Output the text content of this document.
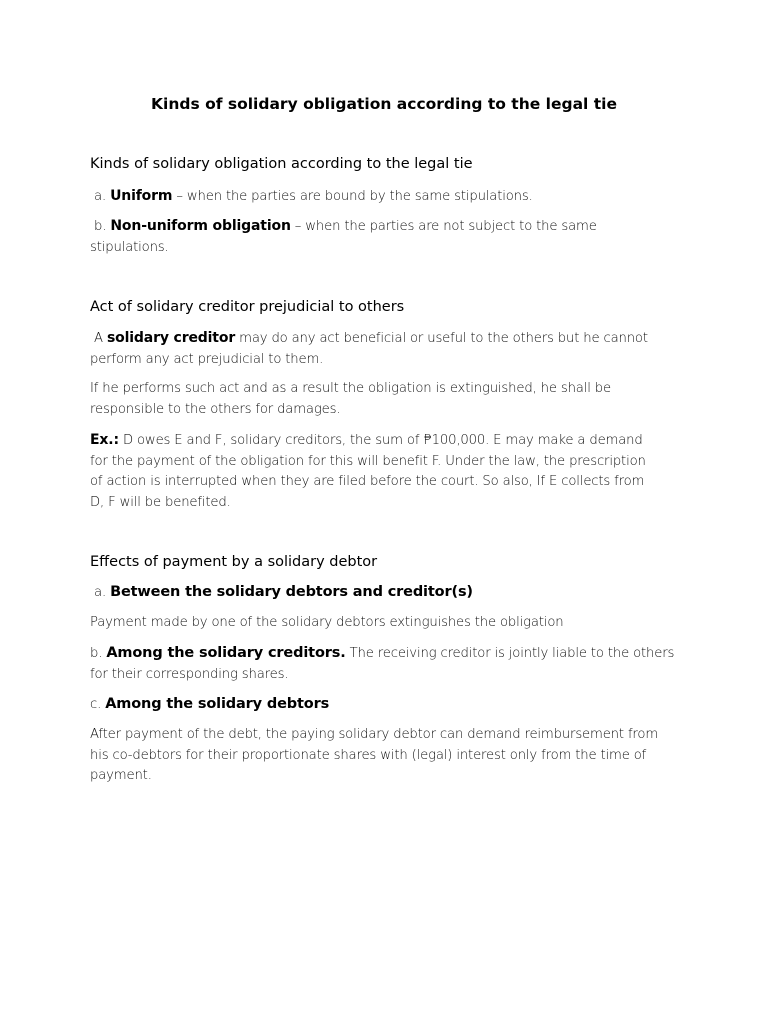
Kinds of solidary obligation according to the legal tie
Kinds of solidary obligation according to the legal tie
a. Uniform – when the parties are bound by the same stipulations.
b. Non-uniform obligation – when the parties are not subject to the same
stipulations.
Act of solidary creditor prejudicial to others
A solidary creditor may do any act beneficial or useful to the others but he cannot
perform any act prejudicial to them.
If he performs such act and as a result the obligation is extinguished, he shall be
responsible to the others for damages.
Ex.: D owes E and F, solidary creditors, the sum of ₱100,000. E may make a demand
for the payment of the obligation for this will benefit F. Under the law, the prescription
of action is interrupted when they are filed before the court. So also, If E collects from
D, F will be benefited.
Effects of payment by a solidary debtor
a. Between the solidary debtors and creditor(s)
Payment made by one of the solidary debtors extinguishes the obligation
b. Among the solidary creditors. The receiving creditor is jointly liable to the others
for their corresponding shares.
c. Among the solidary debtors
After payment of the debt, the paying solidary debtor can demand reimbursement from
his co-debtors for their proportionate shares with (legal) interest only from the time of
payment.
